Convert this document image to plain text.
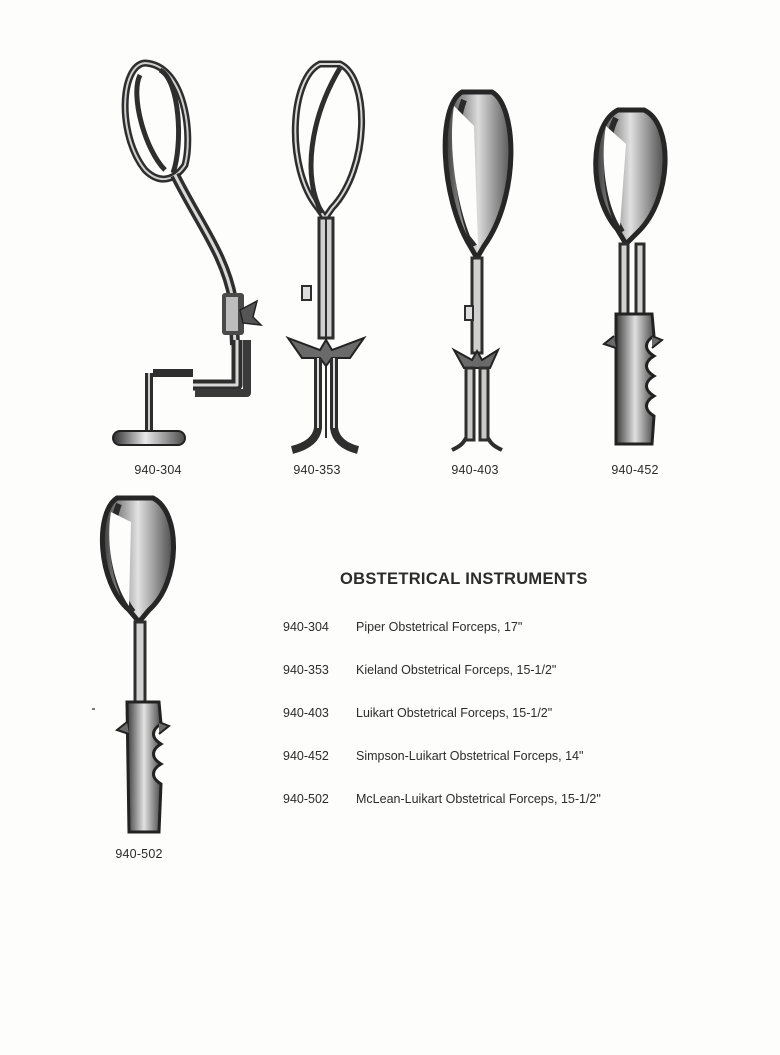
940-304	940-353	940-403	940-452
940-502
OBSTETRICAL INSTRUMENTS
940-304 Piper Obstetrical Forceps, 17"
940-353 Kieland Obstetrical Forceps, 15-1/2"
940-403 Luikart Obstetrical Forceps, 15-1/2"
940-452 Simpson-Luikart Obstetrical Forceps, 14"
940-502 McLean-Luikart Obstetrical Forceps, 15-1/2"
